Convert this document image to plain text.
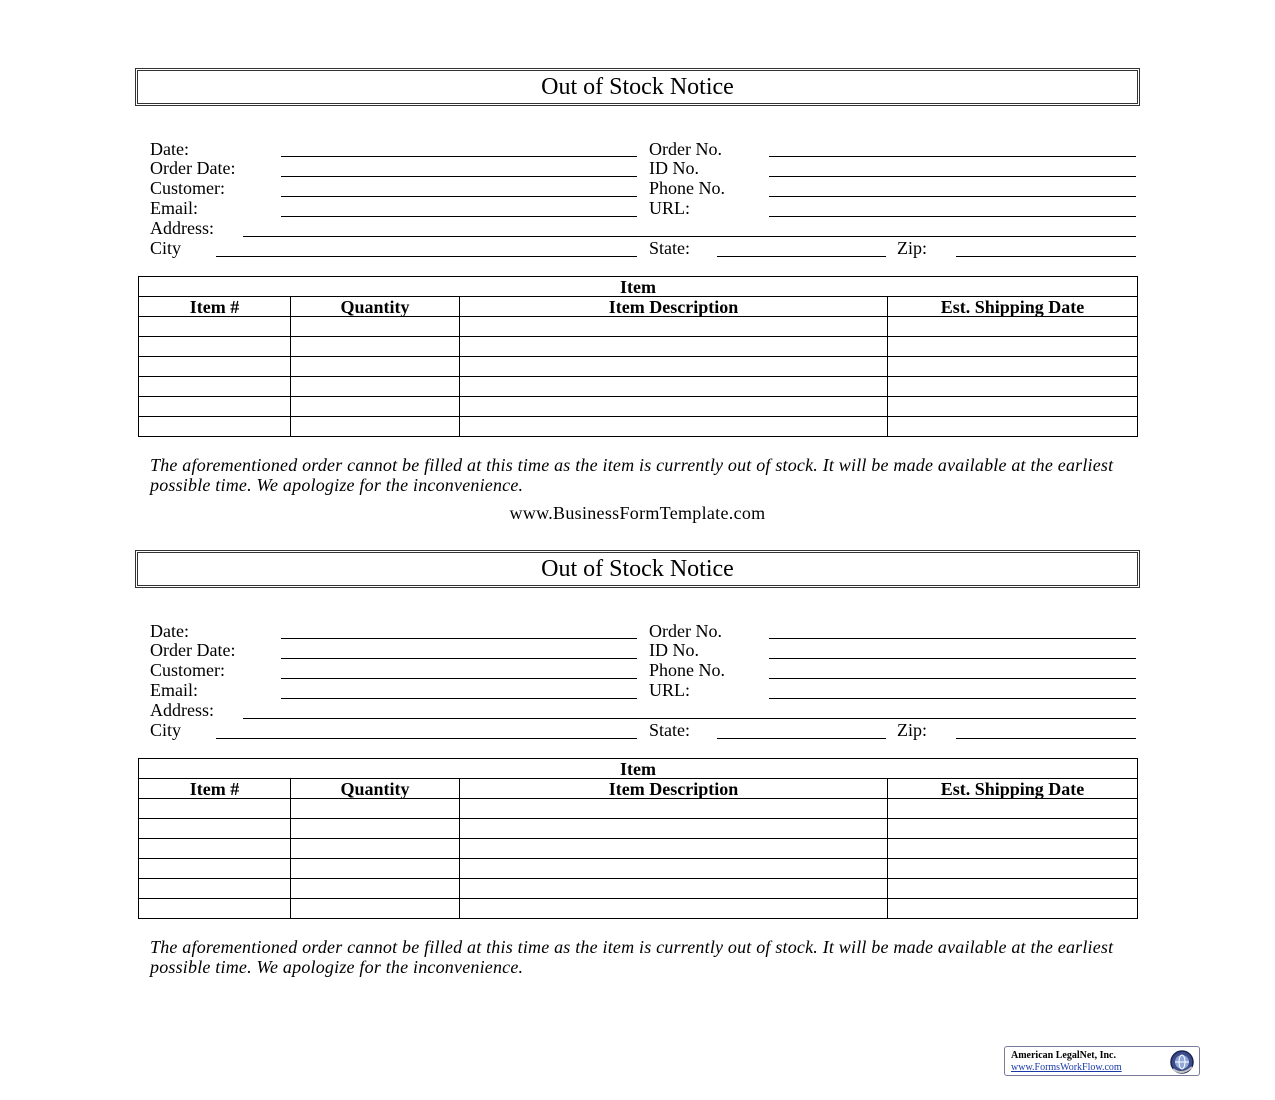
Out of Stock Notice
Date:
Order Date:
Customer:
Email:
Order No.
ID No.
Phone No.
URL:
Address:
City	State:	Zip:
Item			
Item #	Quantity	Item Description	Est. Shipping Date

The aforementioned order cannot be filled at this time as the item is currently out of stock. It will be made available at the earliest possible time. We apologize for the inconvenience.
www.BusinessFormTemplate.com
Out of Stock Notice
Date:
Order Date:
Customer:
Email:
Order No.
ID No.
Phone No.
URL:
Address:
City	State:	Zip:
Item			
Item #	Quantity	Item Description	Est. Shipping Date

The aforementioned order cannot be filled at this time as the item is currently out of stock. It will be made available at the earliest possible time. We apologize for the inconvenience.
American LegalNet, Inc.
www.FormsWorkFlow.com
